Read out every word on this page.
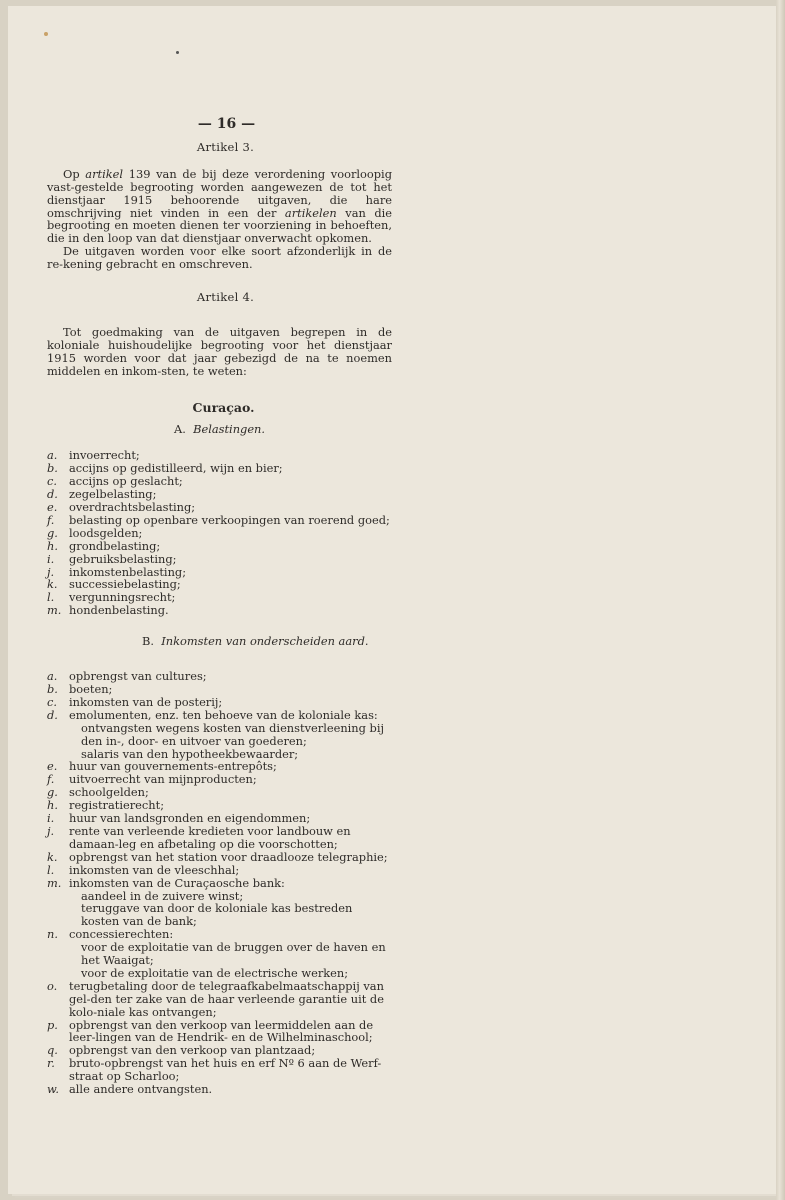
— 16 —
Artikel 3.

Op artikel 139 van de bij deze verordening voorloopig vast-gestelde begrooting worden aangewezen de tot het dienstjaar 1915 behoorende uitgaven, die hare omschrijving niet vinden in een der artikelen van die begrooting en moeten dienen ter voorziening in behoeften, die in den loop van dat dienstjaar onverwacht opkomen.

De uitgaven worden voor elke soort afzonderlijk in de re-kening gebracht en omschreven.

Artikel 4.

Tot goedmaking van de uitgaven begrepen in de koloniale huishoudelijke begrooting voor het dienstjaar 1915 worden voor dat jaar gebezigd de na te noemen middelen en inkom-sten, te weten:

Curaçao.
A. Belastingen.
a.	invoerrecht;
b. accijns op gedistilleerd, wijn en bier;
c.	accijns op geslacht;
d. zegelbelasting;
e.	overdrachtsbelasting;
f.	belasting op openbare verkoopingen van roerend goed;
g. loodsgelden;
h. grondbelasting;
i.	gebruiksbelasting;
j.	inkomstenbelasting;
k.	successiebelasting;
l.	vergunningsrecht;
m. hondenbelasting.
B. Inkomsten van onderscheiden aard.
a.	opbrengst van cultures;
b. boeten;
c.	inkomsten van de posterij;
d. emolumenten, enz. ten behoeve van de koloniale kas:
ontvangsten wegens kosten van dienstverleening bij den in-, door- en uitvoer van goederen;
salaris van den hypotheekbewaarder;
e.	huur van gouvernements-entrepôts;
f.	uitvoerrecht van mijnproducten;
g. schoolgelden;
h. registratierecht;
i.	huur van landsgronden en eigendommen;
j.	rente van verleende kredieten voor landbouw en damaan-leg en afbetaling op die voorschotten;
k.	opbrengst van het station voor draadlooze telegraphie;
l.	inkomsten van de vleeschhal;
m. inkomsten van de Curaçaosche bank:
aandeel in de zuivere winst;
teruggave van door de koloniale kas bestreden kosten van de bank;
n. concessierechten:
voor de exploitatie van de bruggen over de haven en het Waaigat;
voor de exploitatie van de electrische werken;
o.	terugbetaling door de telegraafkabelmaatschappij van gel-den ter zake van de haar verleende garantie uit de kolo-niale kas ontvangen;
p. opbrengst van den verkoop van leermiddelen aan de leer-lingen van de Hendrik- en de Wilhelminaschool;
q. opbrengst van den verkoop van plantzaad;
r.	bruto-opbrengst van het huis en erf Nº 6 aan de Werf-straat op Scharloo;
w. alle andere ontvangsten.
